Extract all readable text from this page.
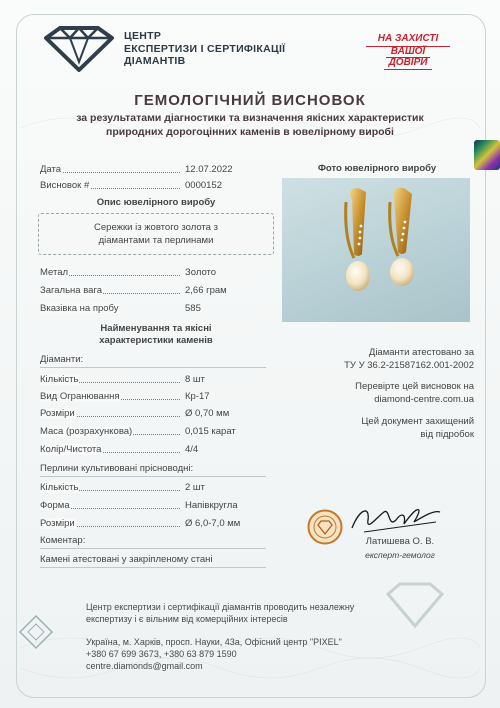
ЦЕНТР
ЕКСПЕРТИЗИ І СЕРТИФІКАЦІЇ
ДІАМАНТІВ
НА ЗАХИСТІ
ВАШОЇ
ДОВІРИ
ГЕМОЛОГІЧНИЙ ВИСНОВОК
за результатами діагностики та визначення якісних характеристик
природних дорогоцінних каменів в ювелірному виробі
Дата	12.07.2022
Висновок #	0000152
Опис ювелірного виробу
Сережки із жовтого золота з
діамантами та перлинами
Метал	Золото
Загальна вага	2,66 грам
Вказівка на пробу	585
Найменування та якісні
характеристики каменів
Діаманти:
Кількість	8 шт
Вид Огранювання	Кр-17
Розміри	Ø 0,70 мм
Маса (розрахункова)	0,015 карат
Колір/Чистота	4/4
Перлини культивовані прісноводні:
Кількість	2 шт
Форма	Напівкругла
Розміри	Ø 6,0-7,0 мм
Коментар:
Камені атестовані у закріпленому стані
Фото ювелірного виробу
Діаманти атестовано за
ТУ У 36.2-21587162.001-2002
Перевірте цей висновок на
diamond-centre.com.ua
Цей документ захищений
від підробок
Латишева О. В.
експерт-гемолог
Центр експертизи і сертифікації діамантів проводить незалежну
експертизу і є вільним від комерційних інтересів
Україна, м. Харків, просп. Науки, 43а, Офісний центр "PIXEL"
+380 67 699 3673, +380 63 879 1590
centre.diamonds@gmail.com
